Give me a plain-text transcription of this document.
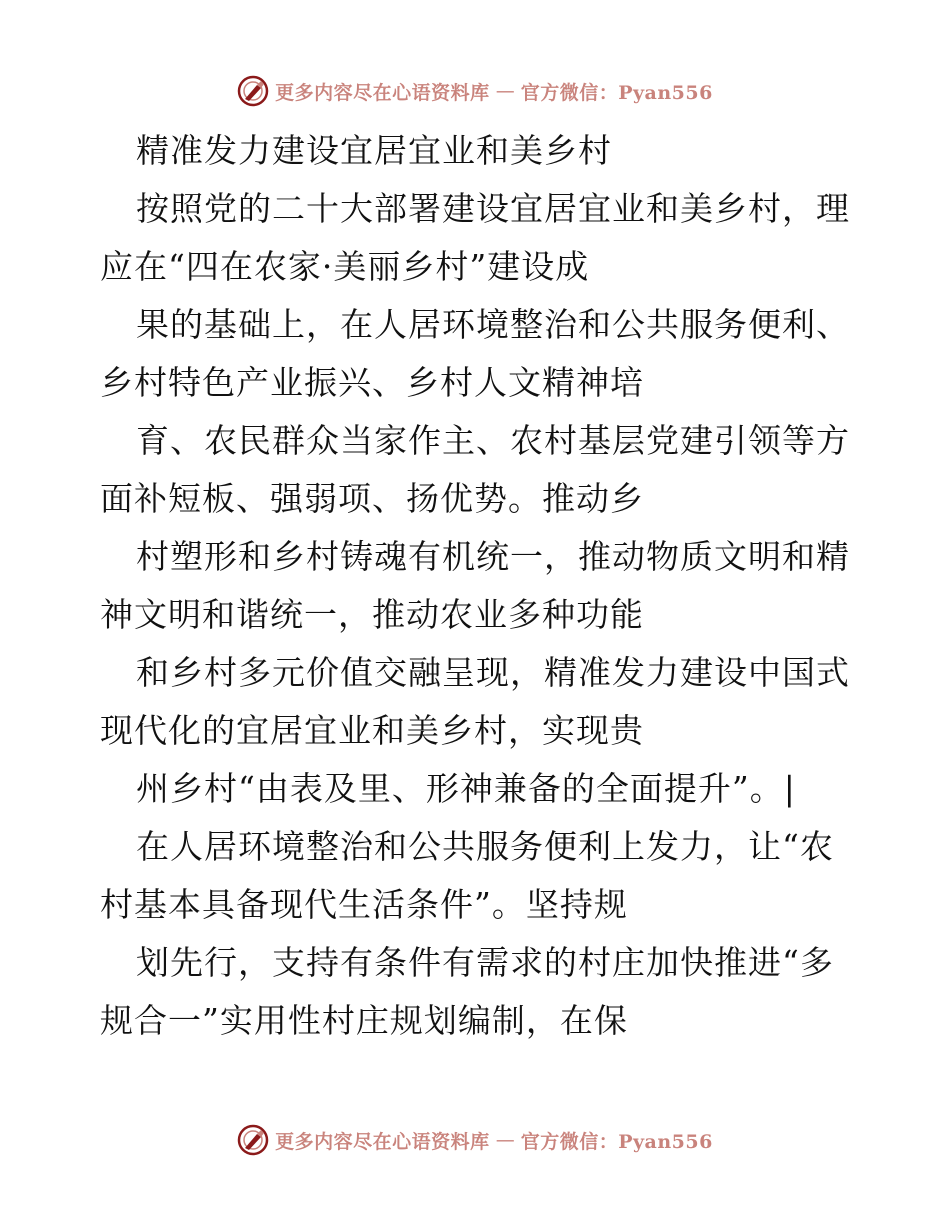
更多内容尽在心语资料库 — 官方微信：Pyan556
精准发力建设宜居宜业和美乡村
按照党的二十大部署建设宜居宜业和美乡村，理
应在“四在农家·美丽乡村”建设成
果的基础上，在人居环境整治和公共服务便利、
乡村特色产业振兴、乡村人文精神培
育、农民群众当家作主、农村基层党建引领等方
面补短板、强弱项、扬优势。推动乡
村塑形和乡村铸魂有机统一，推动物质文明和精
神文明和谐统一，推动农业多种功能
和乡村多元价值交融呈现，精准发力建设中国式
现代化的宜居宜业和美乡村，实现贵
州乡村“由表及里、形神兼备的全面提升”。|
在人居环境整治和公共服务便利上发力，让“农
村基本具备现代生活条件”。坚持规
划先行，支持有条件有需求的村庄加快推进“多
规合一”实用性村庄规划编制，在保
更多内容尽在心语资料库 — 官方微信：Pyan556
